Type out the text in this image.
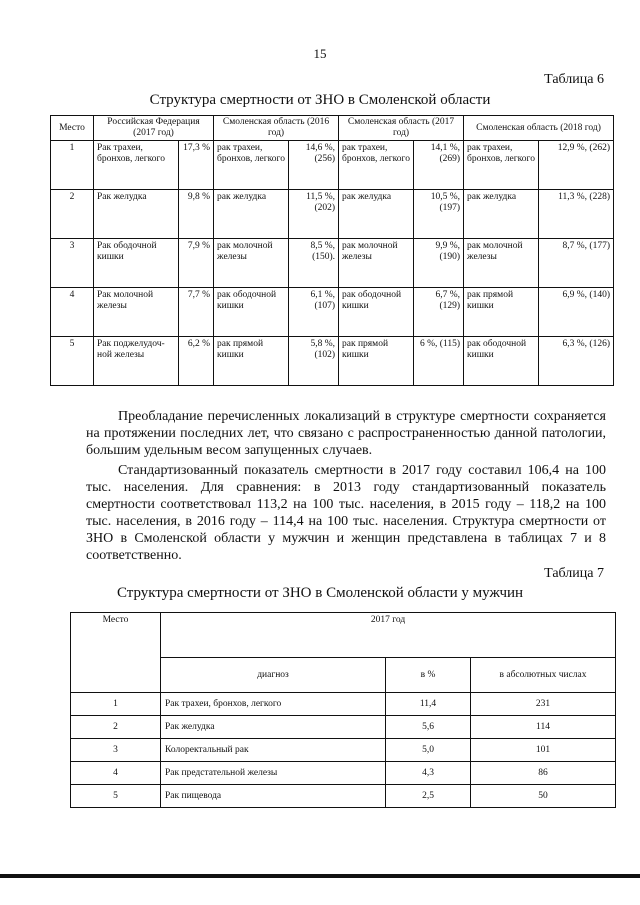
15
Таблица 6
Структура смертности от ЗНО в Смоленской области
Место	Российская Федерация (2017 год)		Смоленская область (2016 год)		Смоленская область (2017 год)		Смоленская область (2018 год)	
1	Рак трахеи, бронхов, легкого	17,3 %	рак трахеи, бронхов, легкого	14,6 %, (256)	рак трахеи, бронхов, легкого	14,1 %, (269)	рак трахеи, бронхов, легкого	12,9 %, (262)
2	Рак желудка	9,8 %	рак желудка	11,5 %, (202)	рак желудка	10,5 %, (197)	рак желудка	11,3 %, (228)
3	Рак ободочной кишки	7,9 %	рак молочной железы	8,5 %, (150).	рак молочной железы	9,9 %, (190)	рак молочной железы	8,7 %, (177)
4	Рак молочной железы	7,7 %	рак ободочной кишки	6,1 %, (107)	рак ободочной кишки	6,7 %, (129)	рак прямой кишки	6,9 %, (140)
5	Рак поджелудоч-ной железы	6,2 %	рак прямой кишки	5,8 %, (102)	рак прямой кишки	6 %, (115)	рак ободочной кишки	6,3 %, (126)

Преобладание перечисленных локализаций в структуре смертности сохраняется на протяжении последних лет, что связано с распространенностью данной патологии, большим удельным весом запущенных случаев.

Стандартизованный показатель смертности в 2017 году составил 106,4 на 100 тыс. населения. Для сравнения: в 2013 году стандартизованный показатель смертности соответствовал 113,2 на 100 тыс. населения, в 2015 году – 118,2 на 100 тыс. населения, в 2016 году – 114,4 на 100 тыс. населения. Структура смертности от ЗНО в Смоленской области у мужчин и женщин представлена в таблицах 7 и 8 соответственно.

Таблица 7
Структура смертности от ЗНО в Смоленской области у мужчин
Место	2017 год		
	диагноз	в %	в абсолютных числах
1	Рак трахеи, бронхов, легкого	11,4	231
2	Рак желудка	5,6	114
3	Колоректальный рак	5,0	101
4	Рак предстательной железы	4,3	86
5	Рак пищевода	2,5	50
